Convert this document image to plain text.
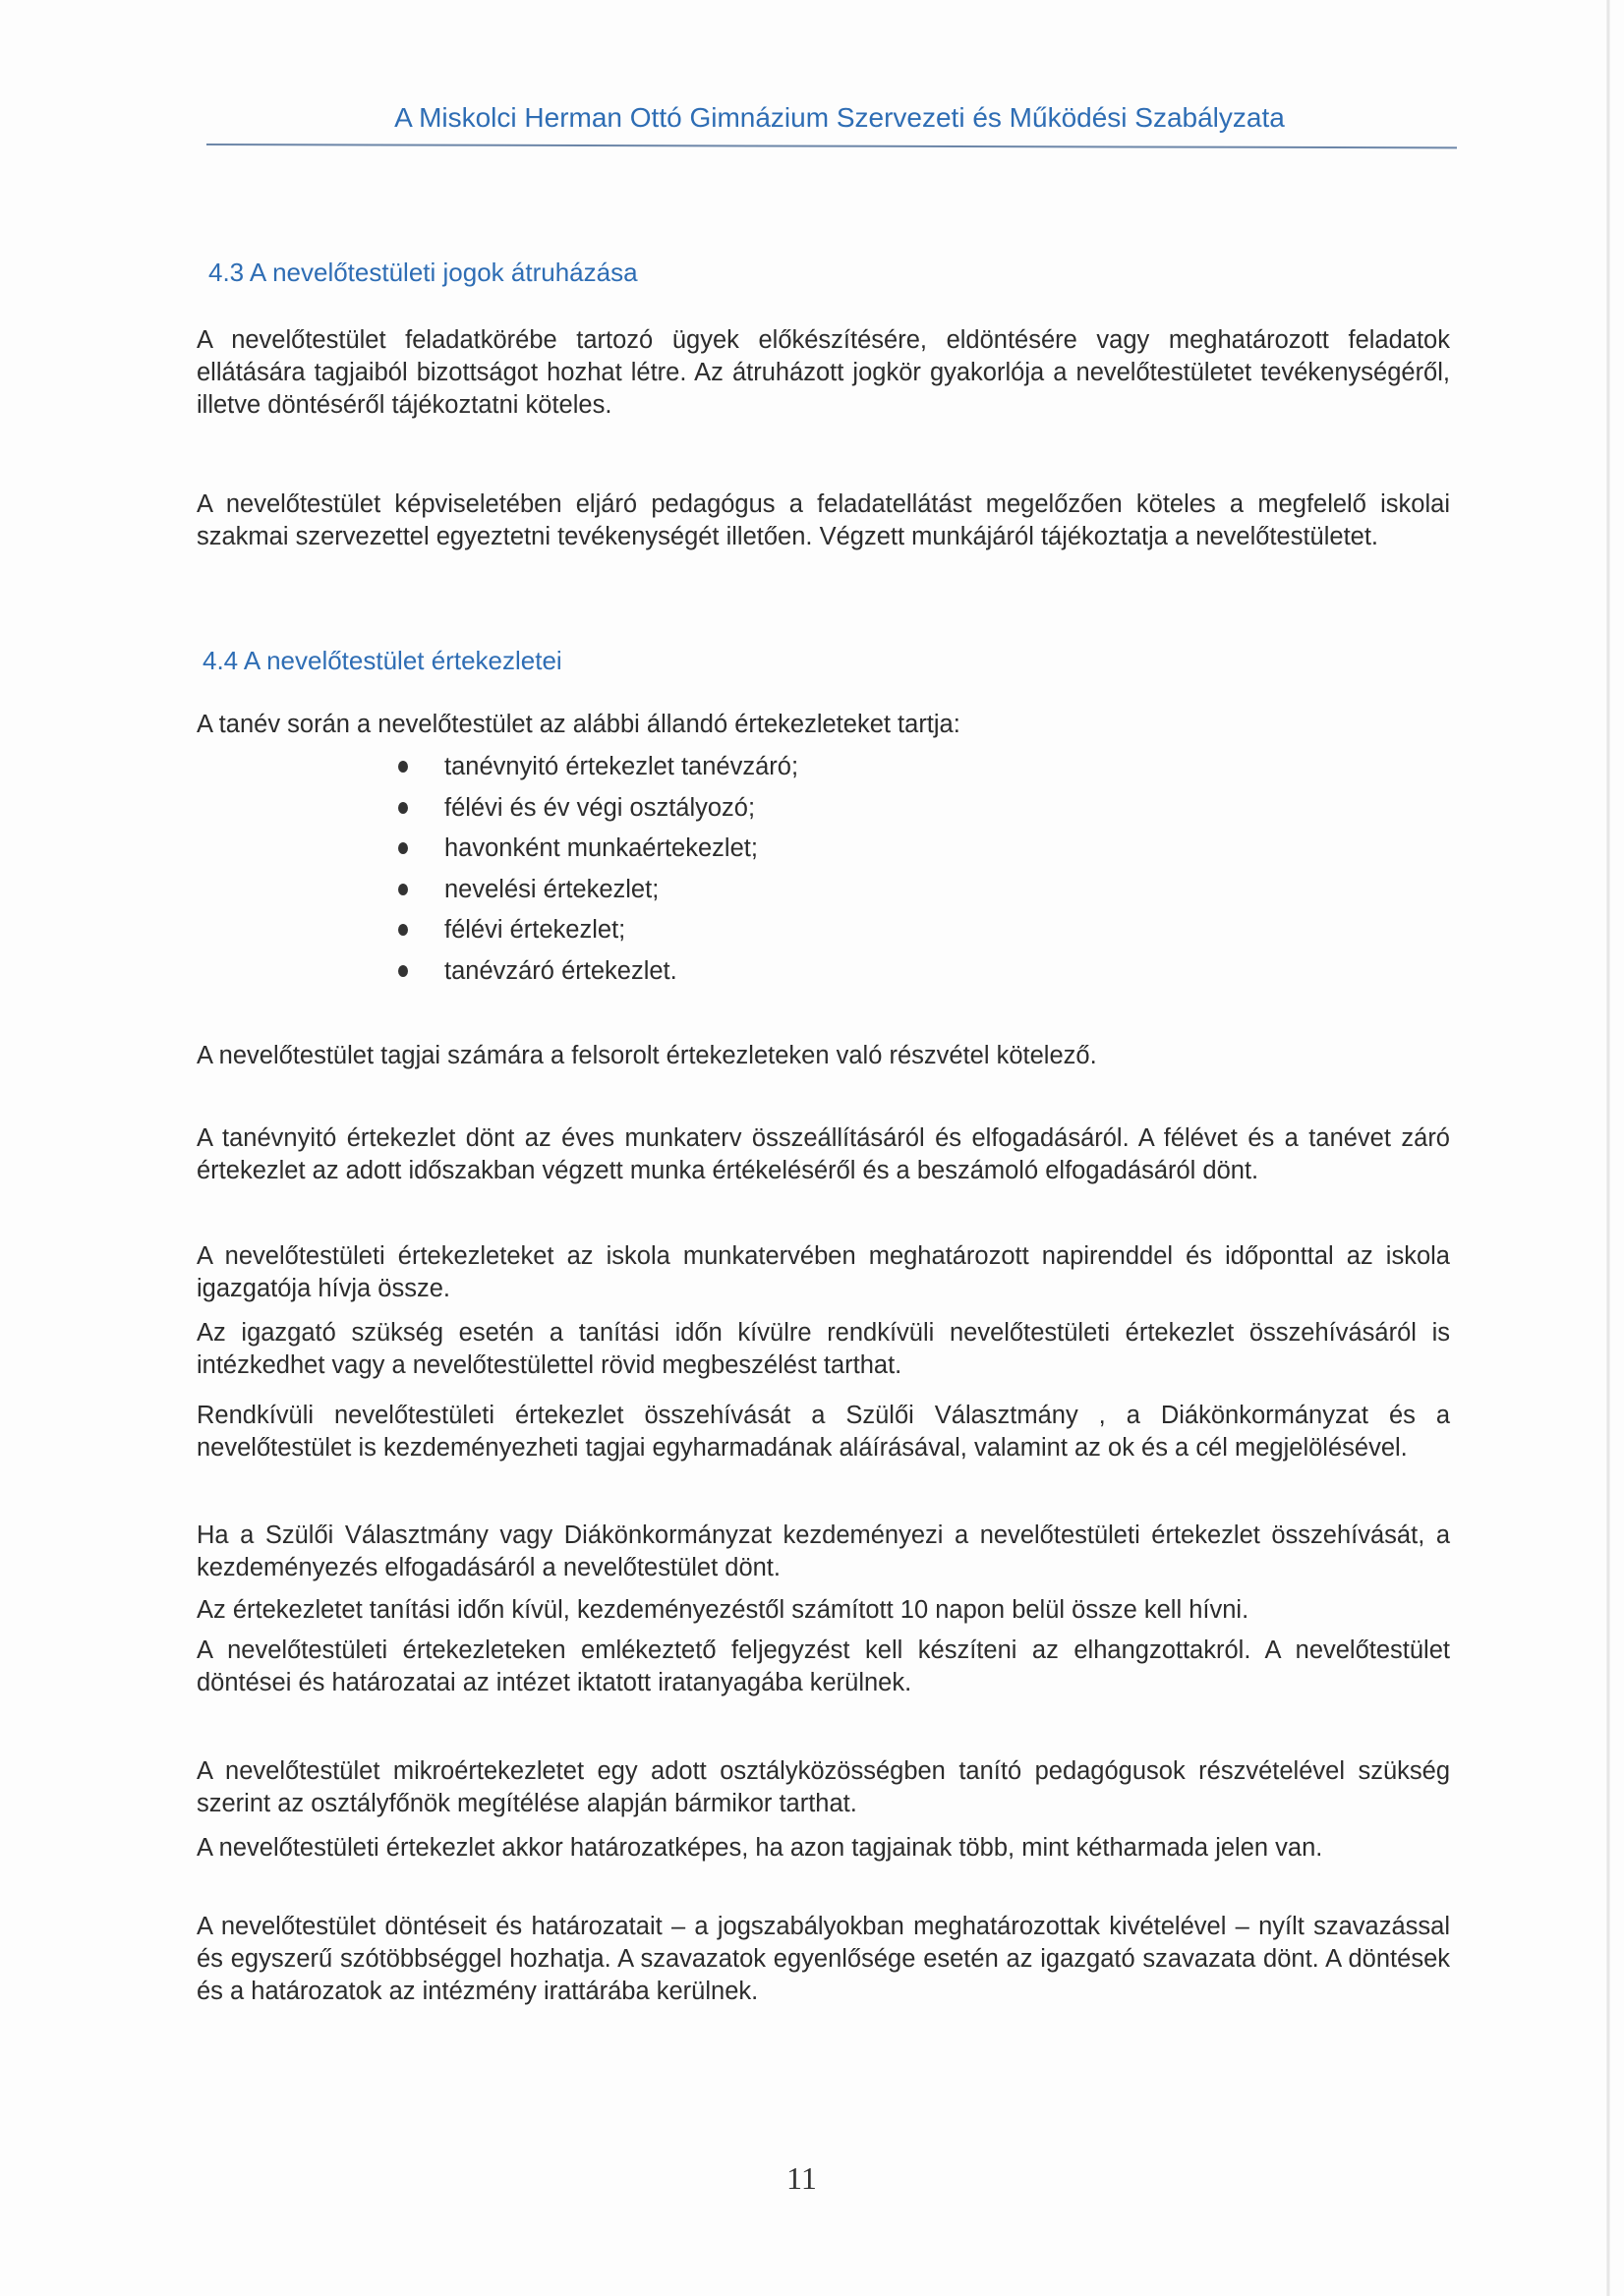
A Miskolci Herman Ottó Gimnázium Szervezeti és Működési Szabályzata
4.3 A nevelőtestületi jogok átruházása
A nevelőtestület feladatkörébe tartozó ügyek előkészítésére, eldöntésére vagy meghatározott feladatok ellátására tagjaiból bizottságot hozhat létre. Az átruházott jogkör gyakorlója a nevelőtestületet tevékenységéről, illetve döntéséről tájékoztatni köteles.
A nevelőtestület képviseletében eljáró pedagógus a feladatellátást megelőzően köteles a megfelelő iskolai szakmai szervezettel egyeztetni tevékenységét illetően. Végzett munkájáról tájékoztatja a nevelőtestületet.
4.4 A nevelőtestület értekezletei
A tanév során a nevelőtestület az alábbi állandó értekezleteket tartja:
tanévnyitó értekezlet tanévzáró;
félévi és év végi osztályozó;
havonként munkaértekezlet;
nevelési értekezlet;
félévi értekezlet;
tanévzáró értekezlet.
A nevelőtestület tagjai számára a felsorolt értekezleteken való részvétel kötelező.
A tanévnyitó értekezlet dönt az éves munkaterv összeállításáról és elfogadásáról. A félévet és a tanévet záró értekezlet az adott időszakban végzett munka értékeléséről és a beszámoló elfogadásáról dönt.
A nevelőtestületi értekezleteket az iskola munkatervében meghatározott napirenddel és időponttal az iskola igazgatója hívja össze.
Az igazgató szükség esetén a tanítási időn kívülre rendkívüli nevelőtestületi értekezlet összehívásáról is intézkedhet vagy a nevelőtestülettel rövid megbeszélést tarthat.
Rendkívüli nevelőtestületi értekezlet összehívását a Szülői Választmány , a Diákönkormányzat és a nevelőtestület is kezdeményezheti tagjai egyharmadának aláírásával, valamint az ok és a cél megjelölésével.
Ha a Szülői Választmány vagy Diákönkormányzat kezdeményezi a nevelőtestületi értekezlet összehívását, a kezdeményezés elfogadásáról a nevelőtestület dönt.
Az értekezletet tanítási időn kívül, kezdeményezéstől számított 10 napon belül össze kell hívni.
A nevelőtestületi értekezleteken emlékeztető feljegyzést kell készíteni az elhangzottakról. A nevelőtestület döntései és határozatai az intézet iktatott iratanyagába kerülnek.
A nevelőtestület mikroértekezletet egy adott osztályközösségben tanító pedagógusok részvételével szükség szerint az osztályfőnök megítélése alapján bármikor tarthat.
A nevelőtestületi értekezlet akkor határozatképes, ha azon tagjainak több, mint kétharmada jelen van.
A nevelőtestület döntéseit és határozatait – a jogszabályokban meghatározottak kivételével – nyílt szavazással és egyszerű szótöbbséggel hozhatja. A szavazatok egyenlősége esetén az igazgató szavazata dönt. A döntések és a határozatok az intézmény irattárába kerülnek.
11
